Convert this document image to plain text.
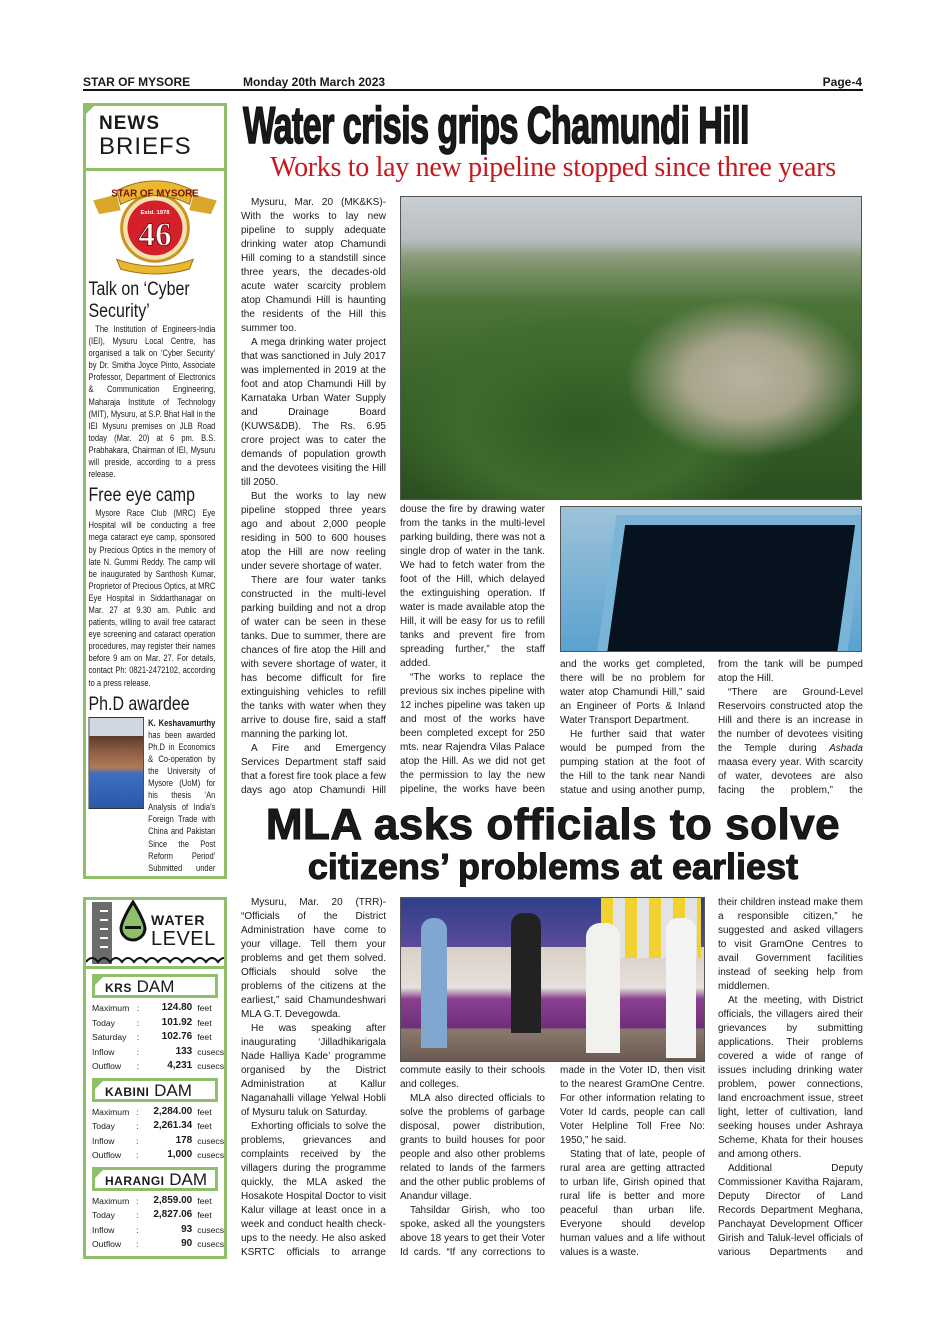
STAR OF MYSORE	Monday 20th March 2023	Page-4
NEWS
BRIEFS
STAR OF MYSORE
Estd. 1978
46
Talk on ‘Cyber Security’

The Institution of Engineers-India (IEI), Mysuru Local Centre, has organised a talk on ‘Cyber Security’ by Dr. Smitha Joyce Pinto, Associate Professor, Department of Electronics & Communication Engineering, Maharaja Institute of Technology (MIT), Mysuru, at S.P. Bhat Hall in the IEI Mysuru premises on JLB Road today (Mar. 20) at 6 pm. B.S. Prabhakara, Chairman of IEI, Mysuru will preside, according to a press release.

Free eye camp

Mysore Race Club (MRC) Eye Hospital will be conducting a free mega cataract eye camp, sponsored by Precious Optics in the memory of late N. Gummi Reddy. The camp will be inaugurated by Santhosh Kumar, Proprietor of Precious Optics, at MRC Eye Hospital in Siddarthanagar on Mar. 27 at 9.30 am. Public and patients, willing to avail free cataract eye screening and cataract operation procedures, may register their names before 9 am on Mar. 27. For details, contact Ph: 0821-2472102, according to a press release.

Ph.D awardee

K. Keshavamurthy has been awarded Ph.D in Economics & Co-operation by the University of Mysore (UoM) for his thesis ‘An Analysis of India’s Foreign Trade with China and Pakistan Since the Post Reform Period’ Submitted under

WATER
LEVEL
KRS DAM
Maximum	:	124.80	feet
Today	:	101.92	feet
Saturday	:	102.76	feet
Inflow	:	133	cusecs
Outflow	:	4,231	cusecs
KABINI DAM
Maximum	:	2,284.00	feet
Today	:	2,261.34	feet
Inflow	:	178	cusecs
Outflow	:	1,000	cusecs
HARANGI DAM
Maximum	:	2,859.00	feet
Today	:	2,827.06	feet
Inflow	:	93	cusecs
Outflow	:	90	cusecs
Water crisis grips Chamundi Hill
Works to lay new pipeline stopped since three years

Mysuru, Mar. 20 (MK&KS)- With the works to lay new pipeline to supply adequate drinking water atop Chamundi Hill coming to a standstill since three years, the decades-old acute water scarcity problem atop Chamundi Hill is haunting the residents of the Hill this summer too.

A mega drinking water project that was sanctioned in July 2017 was implemented in 2019 at the foot and atop Chamundi Hill by Karnataka Urban Water Supply and Drainage Board (KUWS&DB). The Rs. 6.95 crore project was to cater the demands of population growth and the devotees visiting the Hill till 2050.

But the works to lay new pipeline stopped three years ago and about 2,000 people residing in 500 to 600 houses atop the Hill are now reeling under severe shortage of water.

There are four water tanks constructed in the multi-level parking building and not a drop of water can be seen in these tanks. Due to summer, there are chances of fire atop the Hill and with severe shortage of water, it has become difficult for fire extinguishing vehicles to refill the tanks with water when they arrive to douse fire, said a staff manning the parking lot.

A Fire and Emergency Services Department staff said that a forest fire took place a few days ago atop Chamundi Hill

douse the fire by drawing water from the tanks in the multi-level parking building, there was not a single drop of water in the tank. We had to fetch water from the foot of the Hill, which delayed the extinguishing operation. If water is made available atop the Hill, it will be easy for us to refill tanks and prevent fire from spreading further,” the staff added.

“The works to replace the previous six inches pipeline with 12 inches pipeline was taken up and most of the works have been completed except for 250 mts. near Rajendra Vilas Palace atop the Hill. As we did not get the permission to lay the new pipeline, the works have been

and the works get completed, there will be no problem for water atop Chamundi Hill,” said an Engineer of Ports & Inland Water Transport Department.

He further said that water would be pumped from the pumping station at the foot of the Hill to the tank near Nandi statue and using another pump,

from the tank will be pumped atop the Hill.

“There are Ground-Level Reservoirs constructed atop the Hill and there is an increase in the number of devotees visiting the Temple during Ashada maasa every year. With scarcity of water, devotees are also facing the problem,” the

MLA asks officials to solve
citizens’ problems at earliest

Mysuru, Mar. 20 (TRR)- “Officials of the District Administration have come to your village. Tell them your problems and get them solved. Officials should solve the problems of the citizens at the earliest,” said Chamundeshwari MLA G.T. Devegowda.

He was speaking after inaugurating ‘Jilladhikarigala Nade Halliya Kade’ programme organised by the District Administration at Kallur Naganahalli village Yelwal Hobli of Mysuru taluk on Saturday.

Exhorting officials to solve the problems, grievances and complaints received by the villagers during the programme quickly, the MLA asked the Hosakote Hospital Doctor to visit Kalur village at least once in a week and conduct health check-ups to the needy. He also asked KSRTC officials to arrange

commute easily to their schools and colleges.

MLA also directed officials to solve the problems of garbage disposal, power distribution, grants to build houses for poor people and also other problems related to lands of the farmers and the other public problems of Anandur village.

Tahsildar Girish, who too spoke, asked all the youngsters above 18 years to get their Voter Id cards. “If any corrections to

made in the Voter ID, then visit to the nearest GramOne Centre. For other information relating to Voter Id cards, people can call Voter Helpline Toll Free No: 1950,” he said.

Stating that of late, people of rural area are getting attracted to urban life, Girish opined that rural life is better and more peaceful than urban life. Everyone should develop human values and a life without values is a waste.

their children instead make them a responsible citizen,” he suggested and asked villagers to visit GramOne Centres to avail Government facilities instead of seeking help from middlemen.

At the meeting, with District officials, the villagers aired their grievances by submitting applications. Their problems covered a wide of range of issues including drinking water problem, power connections, land encroachment issue, street light, letter of cultivation, land seeking houses under Ashraya Scheme, Khata for their houses and among others.

Additional Deputy Commissioner Kavitha Rajaram, Deputy Director of Land Records Department Meghana, Panchayat Development Officer Girish and Taluk-level officials of various Departments and
